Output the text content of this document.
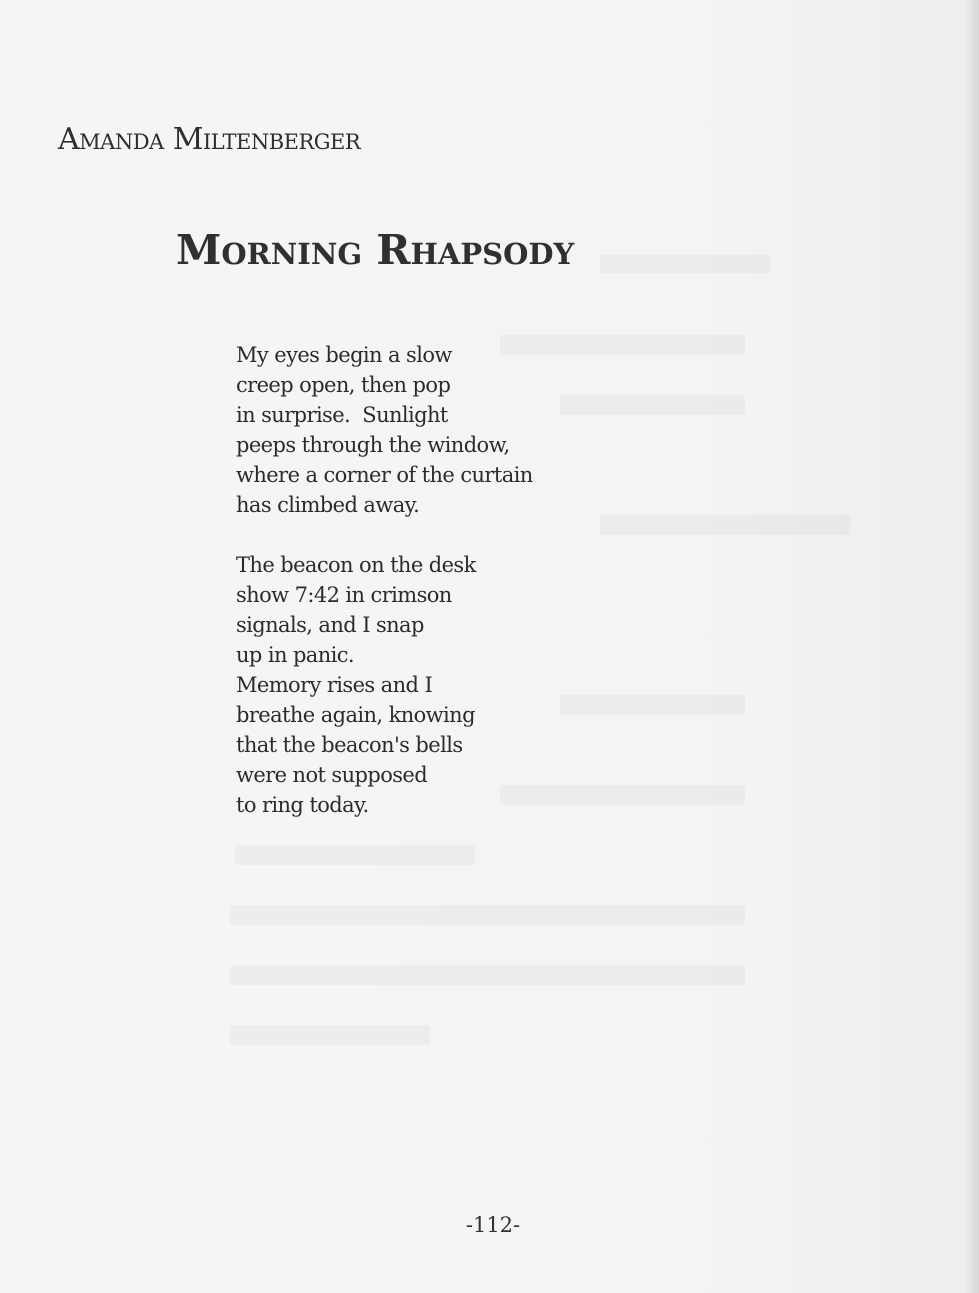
Amanda Miltenberger
Morning Rhapsody

My eyes begin a slow
creep open, then pop
in surprise.  Sunlight
peeps through the window,
where a corner of the curtain
has climbed away.

The beacon on the desk
show 7:42 in crimson
signals, and I snap
up in panic.
Memory rises and I
breathe again, knowing
that the beacon's bells
were not supposed
to ring today.

-112-
